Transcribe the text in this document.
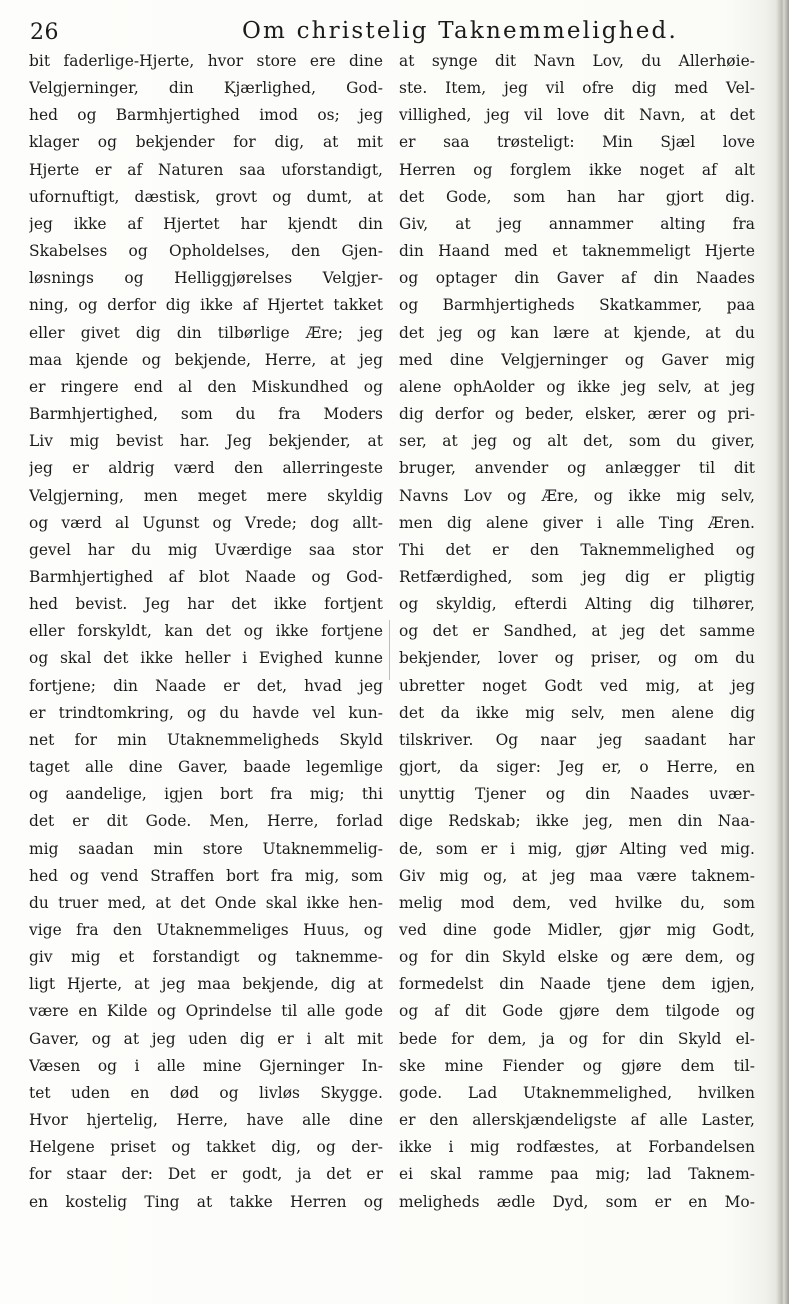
26	Om christelig Taknemmelighed.
bit faderlige-Hjerte, hvor store ere dine
Velgjerninger, din Kjærlighed, God-
hed og Barmhjertighed imod os; jeg
klager og bekjender for dig, at mit
Hjerte er af Naturen saa uforstandigt,
ufornuftigt, dæstisk, grovt og dumt, at
jeg ikke af Hjertet har kjendt din
Skabelses og Opholdelses, den Gjen-
løsnings og Helliggjørelses Velgjer-
ning, og derfor dig ikke af Hjertet takket
eller givet dig din tilbørlige Ære; jeg
maa kjende og bekjende, Herre, at jeg
er ringere end al den Miskundhed og
Barmhjertighed, som du fra Moders
Liv mig bevist har. Jeg bekjender, at
jeg er aldrig værd den allerringeste
Velgjerning, men meget mere skyldig
og værd al Ugunst og Vrede; dog allt-
gevel har du mig Uværdige saa stor
Barmhjertighed af blot Naade og God-
hed bevist. Jeg har det ikke fortjent
eller forskyldt, kan det og ikke fortjene
og skal det ikke heller i Evighed kunne
fortjene; din Naade er det, hvad jeg
er trindtomkring, og du havde vel kun-
net for min Utaknemmeligheds Skyld
taget alle dine Gaver, baade legemlige
og aandelige, igjen bort fra mig; thi
det er dit Gode. Men, Herre, forlad
mig saadan min store Utaknemmelig-
hed og vend Straffen bort fra mig, som
du truer med, at det Onde skal ikke hen-
vige fra den Utaknemmeliges Huus, og
giv mig et forstandigt og taknemme-
ligt Hjerte, at jeg maa bekjende, dig at
være en Kilde og Oprindelse til alle gode
Gaver, og at jeg uden dig er i alt mit
Væsen og i alle mine Gjerninger In-
tet uden en død og livløs Skygge.
Hvor hjertelig, Herre, have alle dine
Helgene priset og takket dig, og der-
for staar der: Det er godt, ja det er
en kostelig Ting at takke Herren og
at synge dit Navn Lov, du Allerhøie-
ste. Item, jeg vil ofre dig med Vel-
villighed, jeg vil love dit Navn, at det
er saa trøsteligt: Min Sjæl love
Herren og forglem ikke noget af alt
det Gode, som han har gjort dig.
Giv, at jeg annammer alting fra
din Haand med et taknemmeligt Hjerte
og optager din Gaver af din Naades
og Barmhjertigheds Skatkammer, paa
det jeg og kan lære at kjende, at du
med dine Velgjerninger og Gaver mig
alene ophAolder og ikke jeg selv, at jeg
dig derfor og beder, elsker, ærer og pri-
ser, at jeg og alt det, som du giver,
bruger, anvender og anlægger til dit
Navns Lov og Ære, og ikke mig selv,
men dig alene giver i alle Ting Æren.
Thi det er den Taknemmelighed og
Retfærdighed, som jeg dig er pligtig
og skyldig, efterdi Alting dig tilhører,
og det er Sandhed, at jeg det samme
bekjender, lover og priser, og om du
ubretter noget Godt ved mig, at jeg
det da ikke mig selv, men alene dig
tilskriver. Og naar jeg saadant har
gjort, da siger: Jeg er, o Herre, en
unyttig Tjener og din Naades uvær-
dige Redskab; ikke jeg, men din Naa-
de, som er i mig, gjør Alting ved mig.
Giv mig og, at jeg maa være taknem-
melig mod dem, ved hvilke du, som
ved dine gode Midler, gjør mig Godt,
og for din Skyld elske og ære dem, og
formedelst din Naade tjene dem igjen,
og af dit Gode gjøre dem tilgode og
bede for dem, ja og for din Skyld el-
ske mine Fiender og gjøre dem til-
gode. Lad Utaknemmelighed, hvilken
er den allerskjændeligste af alle Laster,
ikke i mig rodfæstes, at Forbandelsen
ei skal ramme paa mig; lad Taknem-
meligheds ædle Dyd, som er en Mo-
